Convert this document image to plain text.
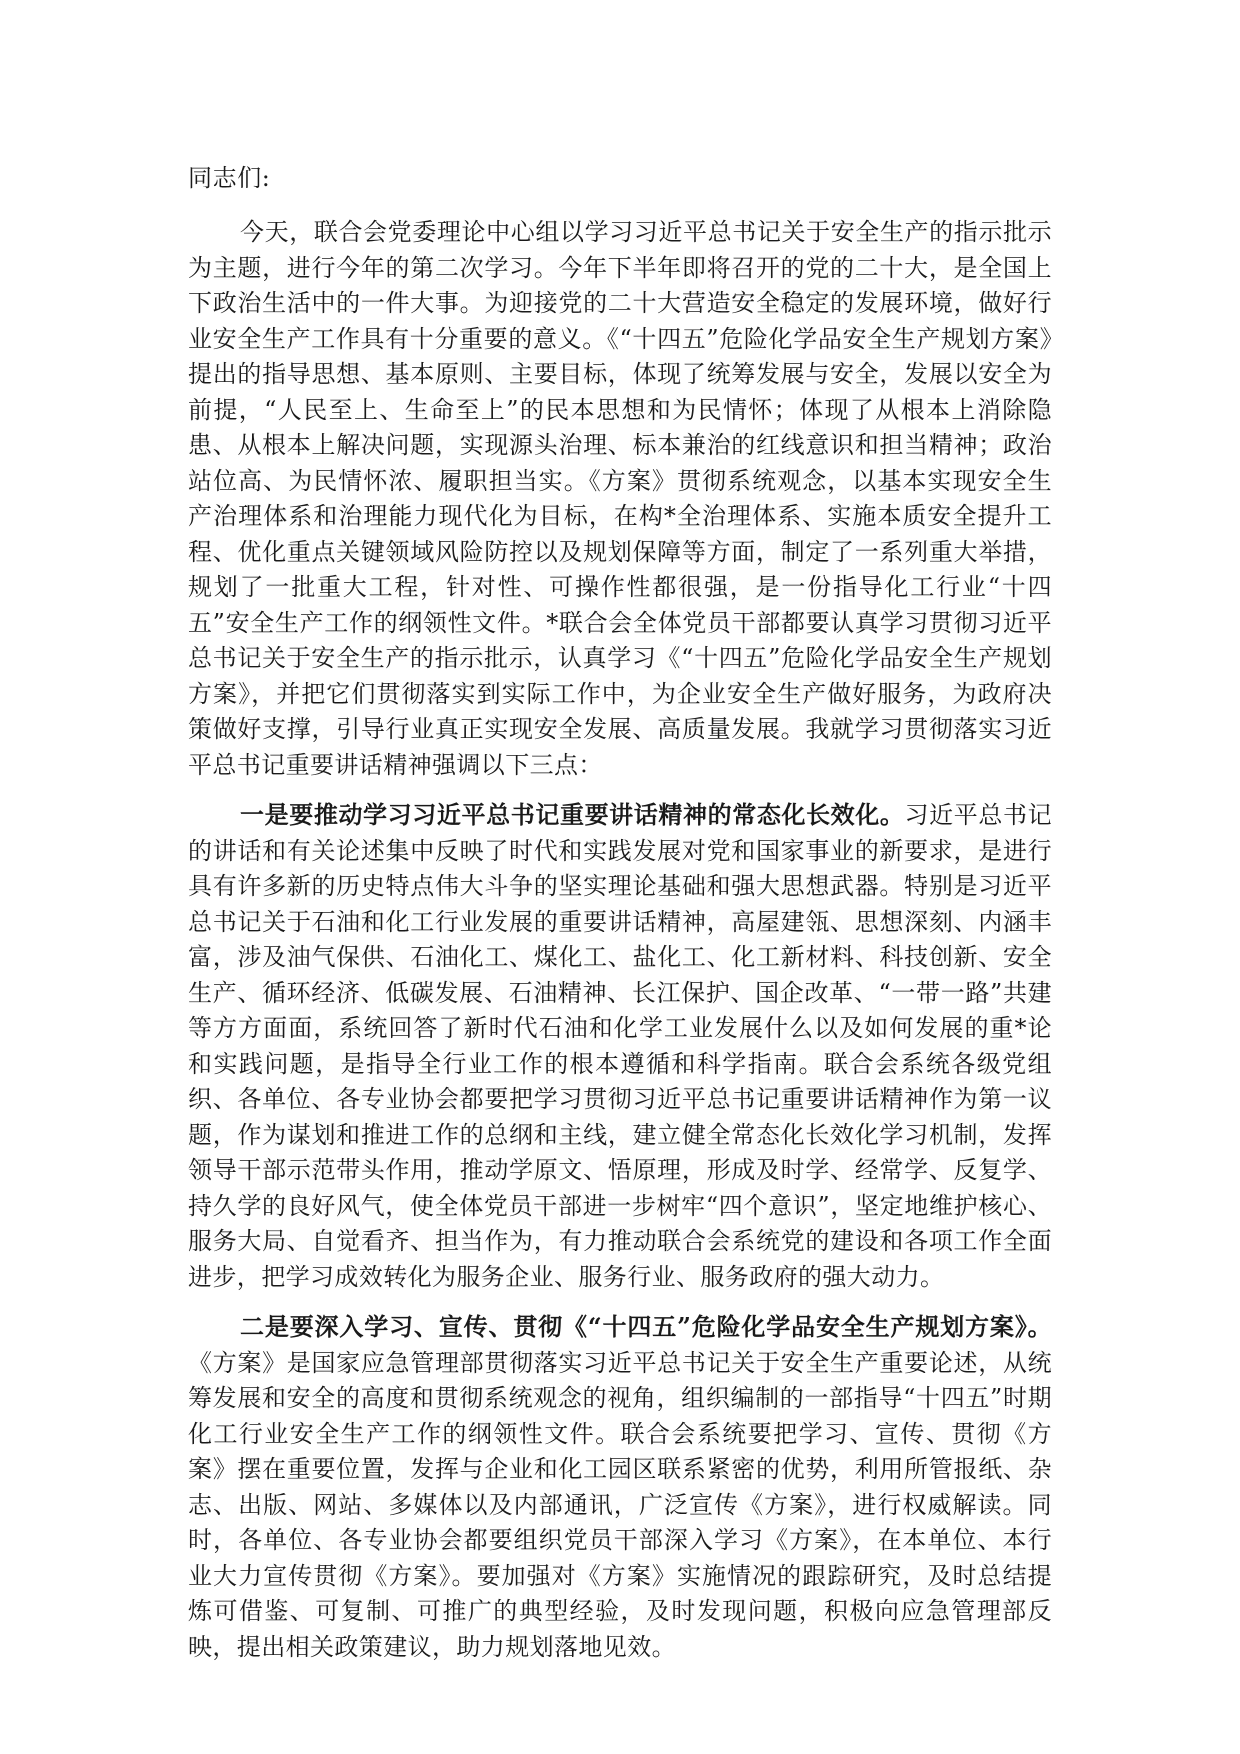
同志们:

今天，联合会党委理论中心组以学习习近平总书记关于安全生产的指示批示为主题，进行今年的第二次学习。今年下半年即将召开的党的二十大，是全国上下政治生活中的一件大事。为迎接党的二十大营造安全稳定的发展环境，做好行业安全生产工作具有十分重要的意义。《“十四五”危险化学品安全生产规划方案》提出的指导思想、基本原则、主要目标，体现了统筹发展与安全，发展以安全为前提，“人民至上、生命至上”的民本思想和为民情怀；体现了从根本上消除隐患、从根本上解决问题，实现源头治理、标本兼治的红线意识和担当精神；政治站位高、为民情怀浓、履职担当实。《方案》贯彻系统观念，以基本实现安全生产治理体系和治理能力现代化为目标，在构*全治理体系、实施本质安全提升工程、优化重点关键领域风险防控以及规划保障等方面，制定了一系列重大举措，规划了一批重大工程，针对性、可操作性都很强，是一份指导化工行业“十四五”安全生产工作的纲领性文件。*联合会全体党员干部都要认真学习贯彻习近平总书记关于安全生产的指示批示，认真学习《“十四五”危险化学品安全生产规划方案》，并把它们贯彻落实到实际工作中，为企业安全生产做好服务，为政府决策做好支撑，引导行业真正实现安全发展、高质量发展。我就学习贯彻落实习近平总书记重要讲话精神强调以下三点：

一是要推动学习习近平总书记重要讲话精神的常态化长效化。习近平总书记的讲话和有关论述集中反映了时代和实践发展对党和国家事业的新要求，是进行具有许多新的历史特点伟大斗争的坚实理论基础和强大思想武器。特别是习近平总书记关于石油和化工行业发展的重要讲话精神，高屋建瓴、思想深刻、内涵丰富，涉及油气保供、石油化工、煤化工、盐化工、化工新材料、科技创新、安全生产、循环经济、低碳发展、石油精神、长江保护、国企改革、“一带一路”共建等方方面面，系统回答了新时代石油和化学工业发展什么以及如何发展的重*论和实践问题，是指导全行业工作的根本遵循和科学指南。联合会系统各级党组织、各单位、各专业协会都要把学习贯彻习近平总书记重要讲话精神作为第一议题，作为谋划和推进工作的总纲和主线，建立健全常态化长效化学习机制，发挥领导干部示范带头作用，推动学原文、悟原理，形成及时学、经常学、反复学、持久学的良好风气，使全体党员干部进一步树牢“四个意识”，坚定地维护核心、服务大局、自觉看齐、担当作为，有力推动联合会系统党的建设和各项工作全面进步，把学习成效转化为服务企业、服务行业、服务政府的强大动力。

二是要深入学习、宣传、贯彻《“十四五”危险化学品安全生产规划方案》。《方案》是国家应急管理部贯彻落实习近平总书记关于安全生产重要论述，从统筹发展和安全的高度和贯彻系统观念的视角，组织编制的一部指导“十四五”时期化工行业安全生产工作的纲领性文件。联合会系统要把学习、宣传、贯彻《方案》摆在重要位置，发挥与企业和化工园区联系紧密的优势，利用所管报纸、杂志、出版、网站、多媒体以及内部通讯，广泛宣传《方案》，进行权威解读。同时，各单位、各专业协会都要组织党员干部深入学习《方案》，在本单位、本行业大力宣传贯彻《方案》。要加强对《方案》实施情况的跟踪研究，及时总结提炼可借鉴、可复制、可推广的典型经验，及时发现问题，积极向应急管理部反映，提出相关政策建议，助力规划落地见效。
